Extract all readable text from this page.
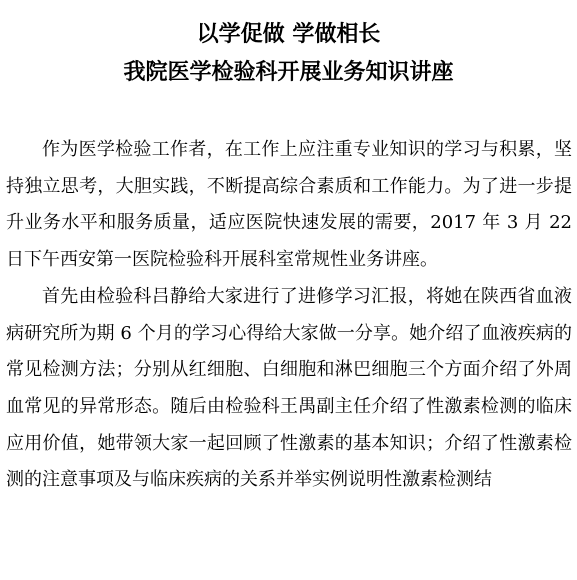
以学促做 学做相长
我院医学检验科开展业务知识讲座

作为医学检验工作者，在工作上应注重专业知识的学习与积累，坚持独立思考，大胆实践，不断提高综合素质和工作能力。为了进一步提升业务水平和服务质量，适应医院快速发展的需要，2017 年 3 月 22 日下午西安第一医院检验科开展科室常规性业务讲座。

首先由检验科吕静给大家进行了进修学习汇报，将她在陕西省血液病研究所为期 6 个月的学习心得给大家做一分享。她介绍了血液疾病的常见检测方法；分别从红细胞、白细胞和淋巴细胞三个方面介绍了外周血常见的异常形态。随后由检验科王禺副主任介绍了性激素检测的临床应用价值，她带领大家一起回顾了性激素的基本知识；介绍了性激素检测的注意事项及与临床疾病的关系并举实例说明性激素检测结
